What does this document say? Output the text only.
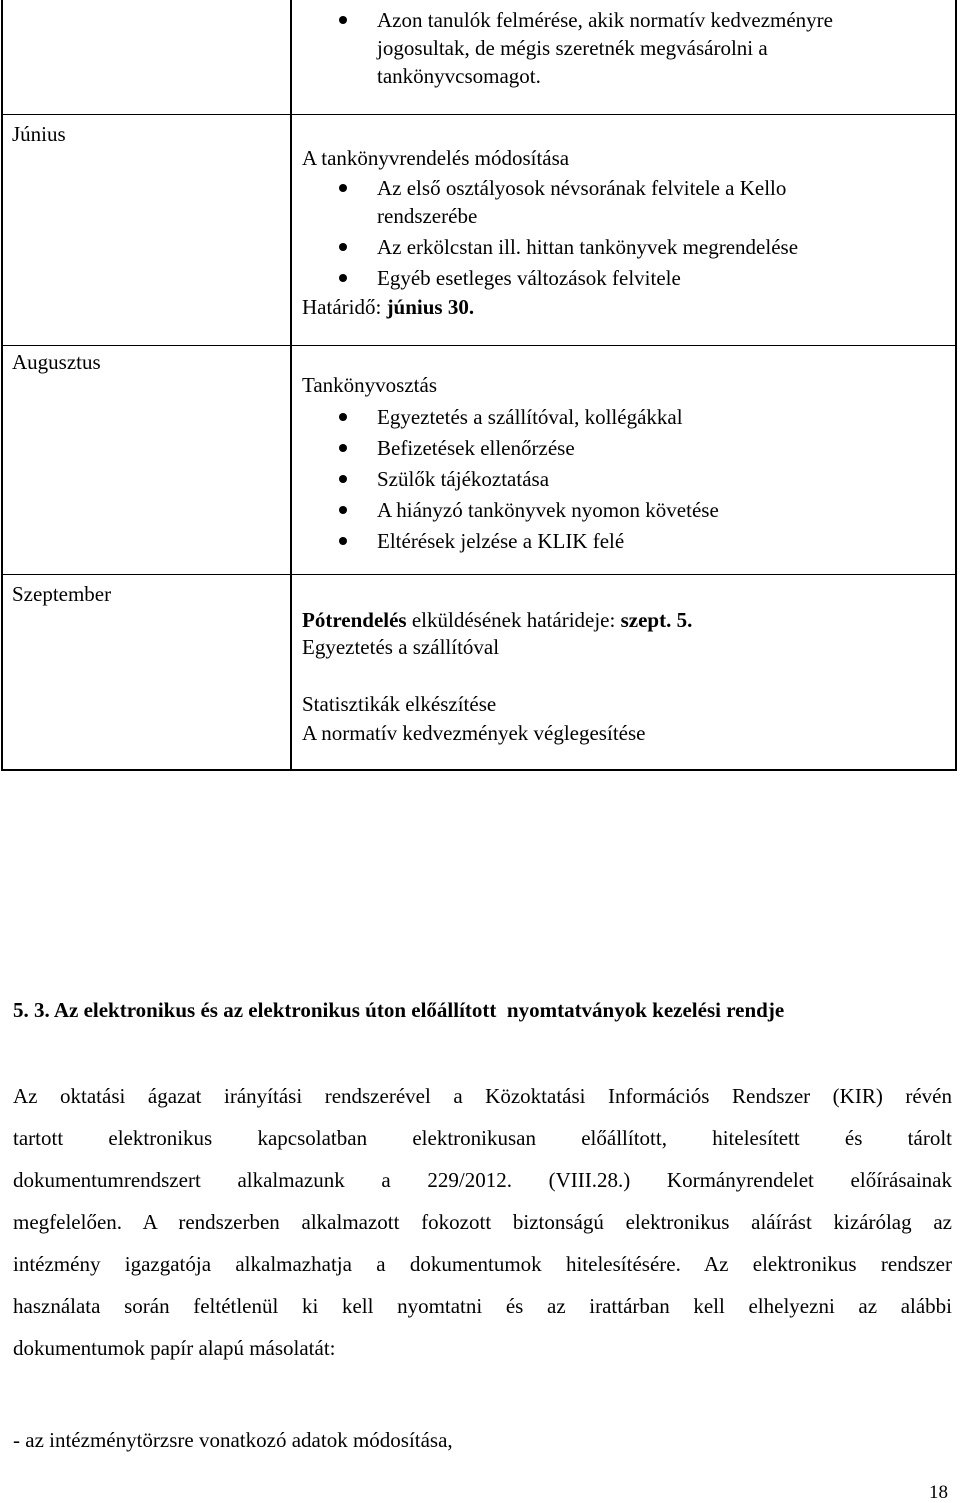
Június
Augusztus
Szeptember
Azon tanulók felmérése, akik normatív kedvezményre
jogosultak, de mégis szeretnék megvásárolni a
tankönyvcsomagot.
A tankönyvrendelés módosítása
Az első osztályosok névsorának felvitele a Kello
rendszerébe
Az erkölcstan ill. hittan tankönyvek megrendelése
Egyéb esetleges változások felvitele
Határidő: június 30.
Tankönyvosztás
Egyeztetés a szállítóval, kollégákkal
Befizetések ellenőrzése
Szülők tájékoztatása
A hiányzó tankönyvek nyomon követése
Eltérések jelzése a KLIK felé
Pótrendelés elküldésének határideje: szept. 5.
Egyeztetés a szállítóval
Statisztikák elkészítése
A normatív kedvezmények véglegesítése
5. 3. Az elektronikus és az elektronikus úton előállított  nyomtatványok kezelési rendje
Az oktatási ágazat irányítási rendszerével a Közoktatási Információs Rendszer (KIR) révén
tartott elektronikus kapcsolatban elektronikusan előállított, hitelesített és tárolt
dokumentumrendszert alkalmazunk a 229/2012. (VIII.28.) Kormányrendelet előírásainak
megfelelően. A rendszerben alkalmazott fokozott biztonságú elektronikus aláírást kizárólag az
intézmény igazgatója alkalmazhatja a dokumentumok hitelesítésére. Az elektronikus rendszer
használata során feltétlenül ki kell nyomtatni és az irattárban kell elhelyezni az alábbi
dokumentumok papír alapú másolatát:
- az intézménytörzsre vonatkozó adatok módosítása,
18
